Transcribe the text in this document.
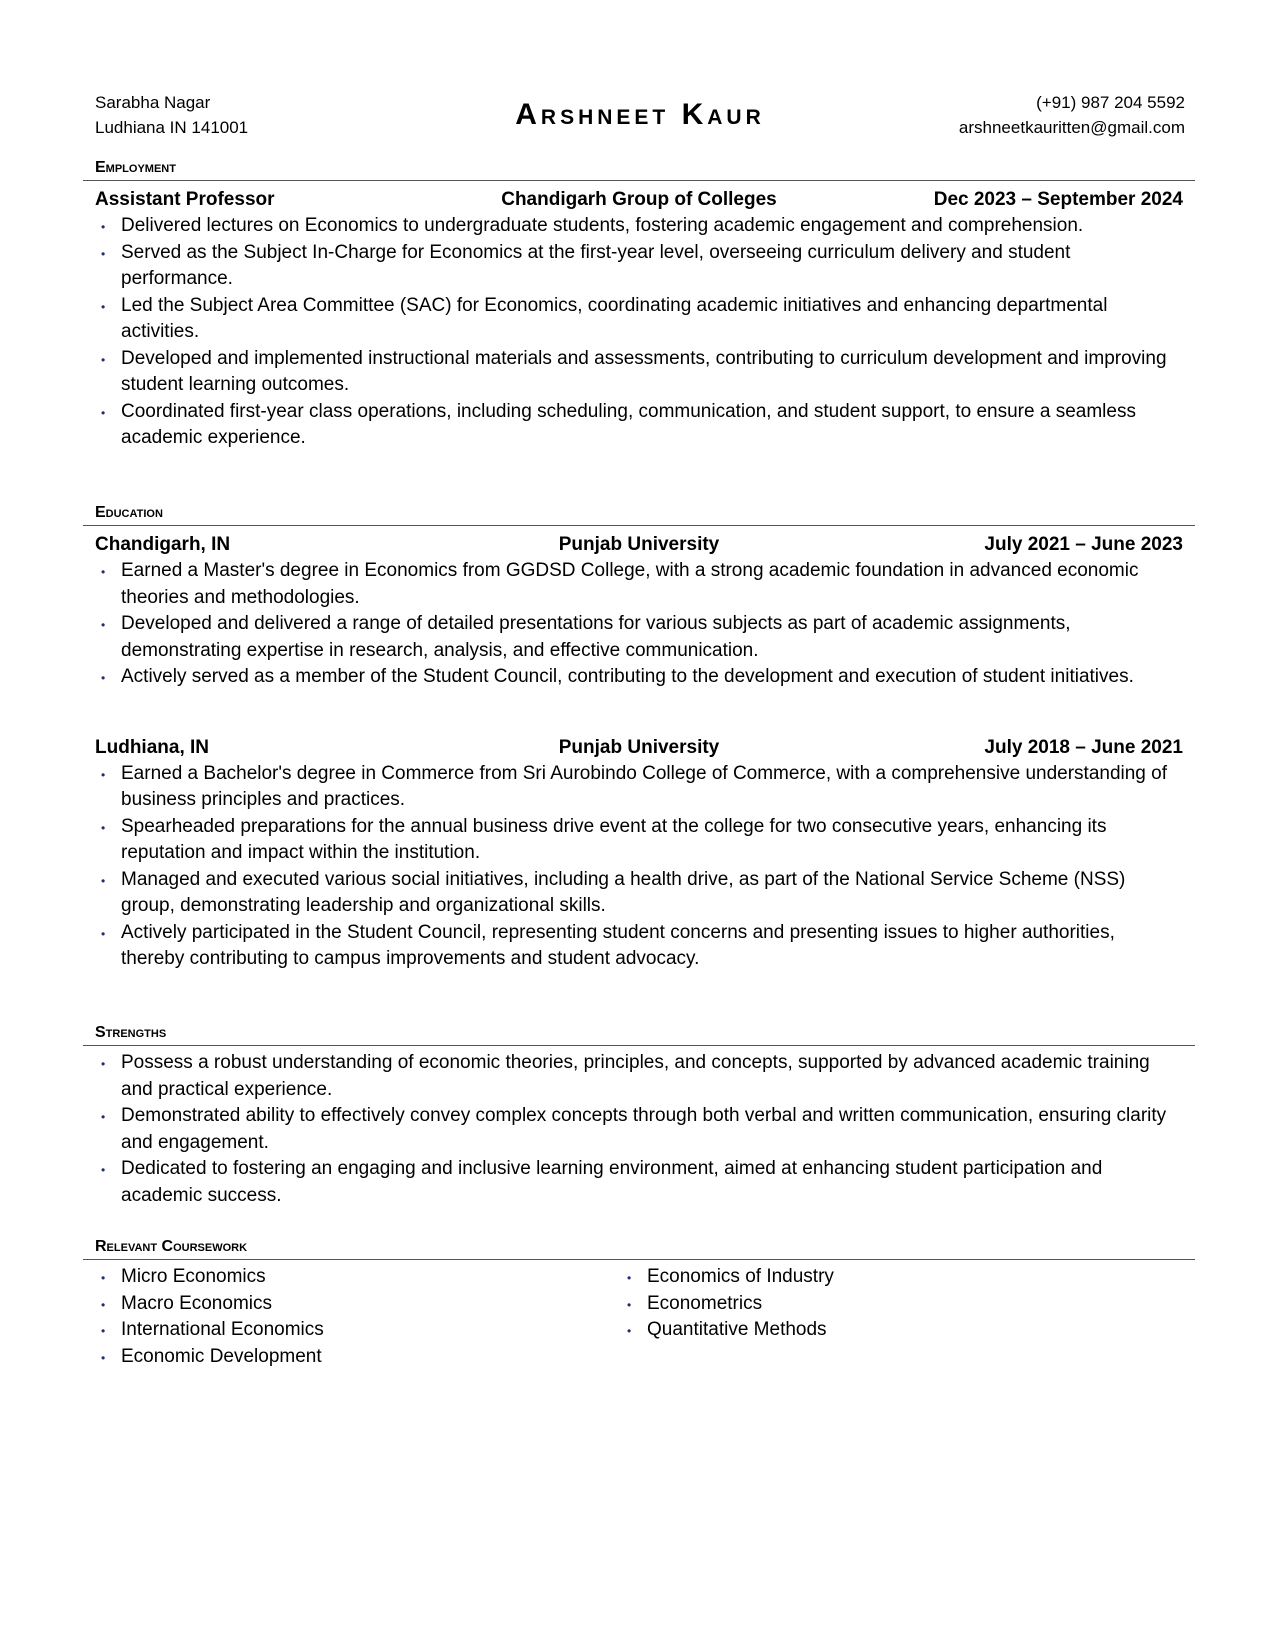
Sarabha Nagar
Ludhiana IN 141001	Arshneet Kaur	(+91) 987 204 5592
arshneetkauritten@gmail.com
Employment
Assistant Professor	Chandigarh Group of Colleges	Dec 2023 – September 2024
• Delivered lectures on Economics to undergraduate students, fostering academic engagement and comprehension.
• Served as the Subject In-Charge for Economics at the first-year level, overseeing curriculum delivery and student performance.
• Led the Subject Area Committee (SAC) for Economics, coordinating academic initiatives and enhancing departmental activities.
• Developed and implemented instructional materials and assessments, contributing to curriculum development and improving student learning outcomes.
• Coordinated first-year class operations, including scheduling, communication, and student support, to ensure a seamless academic experience.
Education
Chandigarh, IN	Punjab University	July 2021 – June 2023
• Earned a Master's degree in Economics from GGDSD College, with a strong academic foundation in advanced economic theories and methodologies.
• Developed and delivered a range of detailed presentations for various subjects as part of academic assignments, demonstrating expertise in research, analysis, and effective communication.
• Actively served as a member of the Student Council, contributing to the development and execution of student initiatives.
Ludhiana, IN	Punjab University	July 2018 – June 2021
• Earned a Bachelor's degree in Commerce from Sri Aurobindo College of Commerce, with a comprehensive understanding of business principles and practices.
• Spearheaded preparations for the annual business drive event at the college for two consecutive years, enhancing its reputation and impact within the institution.
• Managed and executed various social initiatives, including a health drive, as part of the National Service Scheme (NSS) group, demonstrating leadership and organizational skills.
• Actively participated in the Student Council, representing student concerns and presenting issues to higher authorities, thereby contributing to campus improvements and student advocacy.
Strengths
• Possess a robust understanding of economic theories, principles, and concepts, supported by advanced academic training and practical experience.
• Demonstrated ability to effectively convey complex concepts through both verbal and written communication, ensuring clarity and engagement.
• Dedicated to fostering an engaging and inclusive learning environment, aimed at enhancing student participation and academic success.
Relevant Coursework
• Micro Economics
• Macro Economics
• International Economics
• Economic Development
• Economics of Industry
• Econometrics
• Quantitative Methods
